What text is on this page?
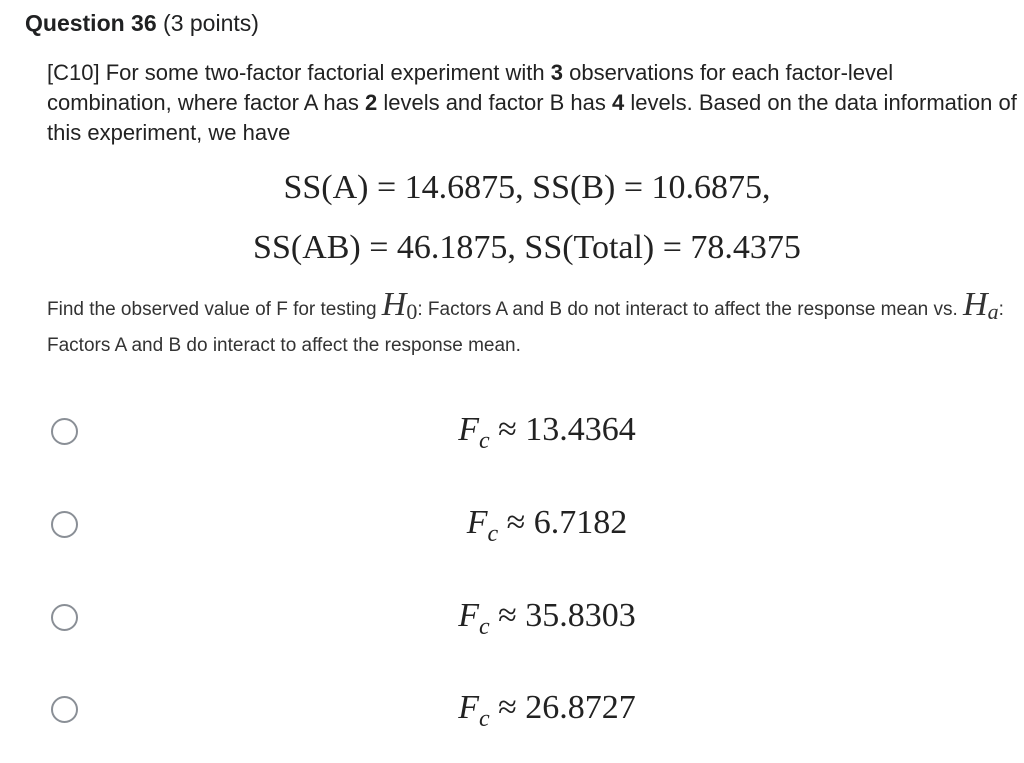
Question 36 (3 points)
[C10] For some two-factor factorial experiment with 3 observations for each factor-level combination, where factor A has 2 levels and factor B has 4 levels. Based on the data information of this experiment, we have
SS(A) = 14.6875, SS(B) = 10.6875,
SS(AB) = 46.1875, SS(Total) = 78.4375
Find the observed value of F for testing H0: Factors A and B do not interact to affect the response mean vs. Ha: Factors A and B do interact to affect the response mean.
$F_c \approx 13.4364$
$F_c \approx 6.7182$
$F_c \approx 35.8303$
$F_c \approx 26.8727$
